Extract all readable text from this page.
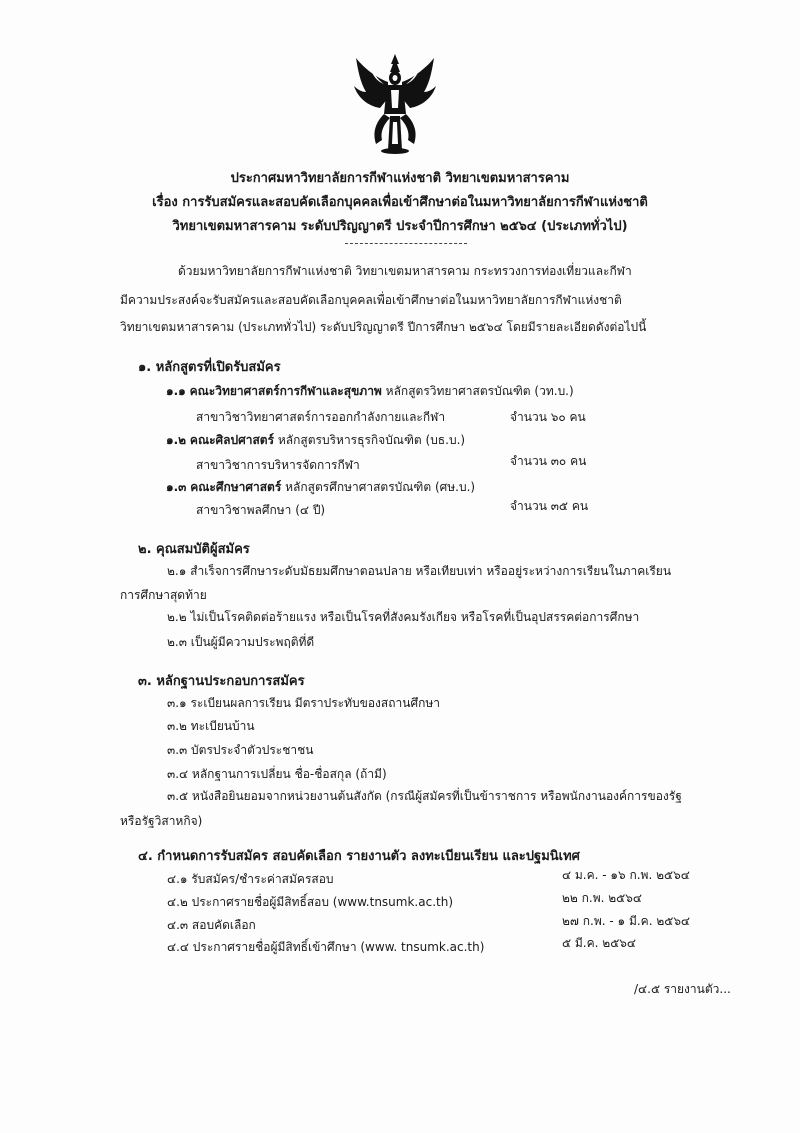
ประกาศมหาวิทยาลัยการกีฬาแห่งชาติ วิทยาเขตมหาสารคาม
เรื่อง การรับสมัครและสอบคัดเลือกบุคคลเพื่อเข้าศึกษาต่อในมหาวิทยาลัยการกีฬาแห่งชาติ
วิทยาเขตมหาสารคาม ระดับปริญญาตรี ประจำปีการศึกษา ๒๕๖๔ (ประเภททั่วไป)
ด้วยมหาวิทยาลัยการกีฬาแห่งชาติ วิทยาเขตมหาสารคาม กระทรวงการท่องเที่ยวและกีฬา
มีความประสงค์จะรับสมัครและสอบคัดเลือกบุคคลเพื่อเข้าศึกษาต่อในมหาวิทยาลัยการกีฬาแห่งชาติ
วิทยาเขตมหาสารคาม (ประเภททั่วไป) ระดับปริญญาตรี ปีการศึกษา ๒๕๖๔ โดยมีรายละเอียดดังต่อไปนี้
๑. หลักสูตรที่เปิดรับสมัคร
๑.๑ คณะวิทยาศาสตร์การกีฬาและสุขภาพ หลักสูตรวิทยาศาสตรบัณฑิต (วท.บ.)
สาขาวิชาวิทยาศาสตร์การออกกำลังกายและกีฬา	จำนวน ๖๐ คน
๑.๒ คณะศิลปศาสตร์ หลักสูตรบริหารธุรกิจบัณฑิต (บธ.บ.)
สาขาวิชาการบริหารจัดการกีฬา	จำนวน ๓๐ คน
๑.๓ คณะศึกษาศาสตร์ หลักสูตรศึกษาศาสตรบัณฑิต (ศษ.บ.)
สาขาวิชาพลศึกษา (๔ ปี)	จำนวน ๓๕ คน
๒. คุณสมบัติผู้สมัคร
๒.๑ สำเร็จการศึกษาระดับมัธยมศึกษาตอนปลาย หรือเทียบเท่า หรืออยู่ระหว่างการเรียนในภาคเรียน
การศึกษาสุดท้าย
๒.๒ ไม่เป็นโรคติดต่อร้ายแรง หรือเป็นโรคที่สังคมรังเกียจ หรือโรคที่เป็นอุปสรรคต่อการศึกษา
๒.๓ เป็นผู้มีความประพฤติที่ดี
๓. หลักฐานประกอบการสมัคร
๓.๑ ระเบียนผลการเรียน มีตราประทับของสถานศึกษา
๓.๒ ทะเบียนบ้าน
๓.๓ บัตรประจำตัวประชาชน
๓.๔ หลักฐานการเปลี่ยน ชื่อ-ชื่อสกุล (ถ้ามี)
๓.๕ หนังสือยินยอมจากหน่วยงานต้นสังกัด (กรณีผู้สมัครที่เป็นข้าราชการ หรือพนักงานองค์การของรัฐ
หรือรัฐวิสาหกิจ)
๔. กำหนดการรับสมัคร สอบคัดเลือก รายงานตัว ลงทะเบียนเรียน และปฐมนิเทศ
๔.๑ รับสมัคร/ชำระค่าสมัครสอบ	๔ ม.ค. - ๑๖ ก.พ. ๒๕๖๔
๔.๒ ประกาศรายชื่อผู้มีสิทธิ์สอบ (www.tnsumk.ac.th)	๒๒ ก.พ. ๒๕๖๔
๔.๓ สอบคัดเลือก	๒๗ ก.พ. - ๑ มี.ค. ๒๕๖๔
๔.๔ ประกาศรายชื่อผู้มีสิทธิ์เข้าศึกษา (www. tnsumk.ac.th)	๕ มี.ค. ๒๕๖๔
/๔.๕ รายงานตัว...
